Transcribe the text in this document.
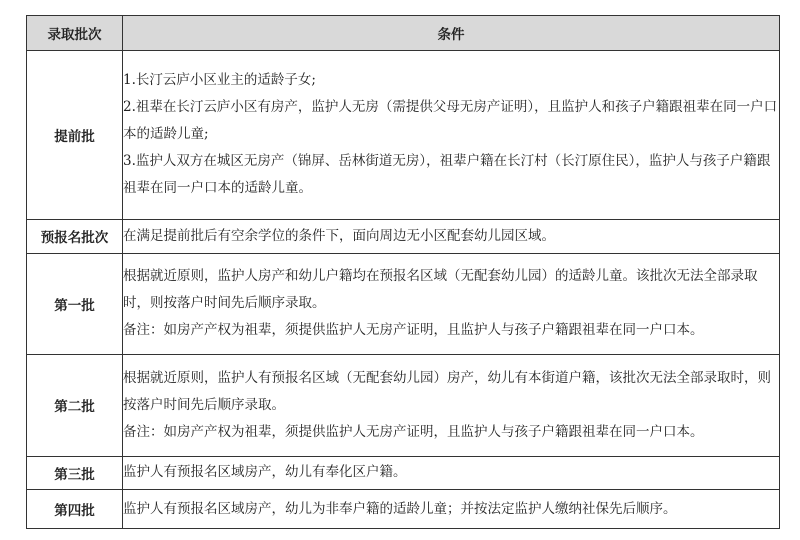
录取批次	条件
提前批	1.长汀云庐小区业主的适龄子女;

2.祖辈在长汀云庐小区有房产，监护人无房（需提供父母无房产证明），且监护人和孩子户籍跟祖辈在同一户口本的适龄儿童;

3.监护人双方在城区无房产（锦屏、岳林街道无房），祖辈户籍在长汀村（长汀原住民），监护人与孩子户籍跟祖辈在同一户口本的适龄儿童。

预报名批次	在满足提前批后有空余学位的条件下，面向周边无小区配套幼儿园区域。

第一批	根据就近原则，监护人房产和幼儿户籍均在预报名区域（无配套幼儿园）的适龄儿童。该批次无法全部录取时，则按落户时间先后顺序录取。

备注：如房产产权为祖辈，须提供监护人无房产证明，且监护人与孩子户籍跟祖辈在同一户口本。

第二批	根据就近原则，监护人有预报名区域（无配套幼儿园）房产，幼儿有本街道户籍，该批次无法全部录取时，则按落户时间先后顺序录取。

备注：如房产产权为祖辈，须提供监护人无房产证明，且监护人与孩子户籍跟祖辈在同一户口本。

第三批	监护人有预报名区域房产，幼儿有奉化区户籍。

第四批	监护人有预报名区域房产，幼儿为非奉户籍的适龄儿童；并按法定监护人缴纳社保先后顺序。
